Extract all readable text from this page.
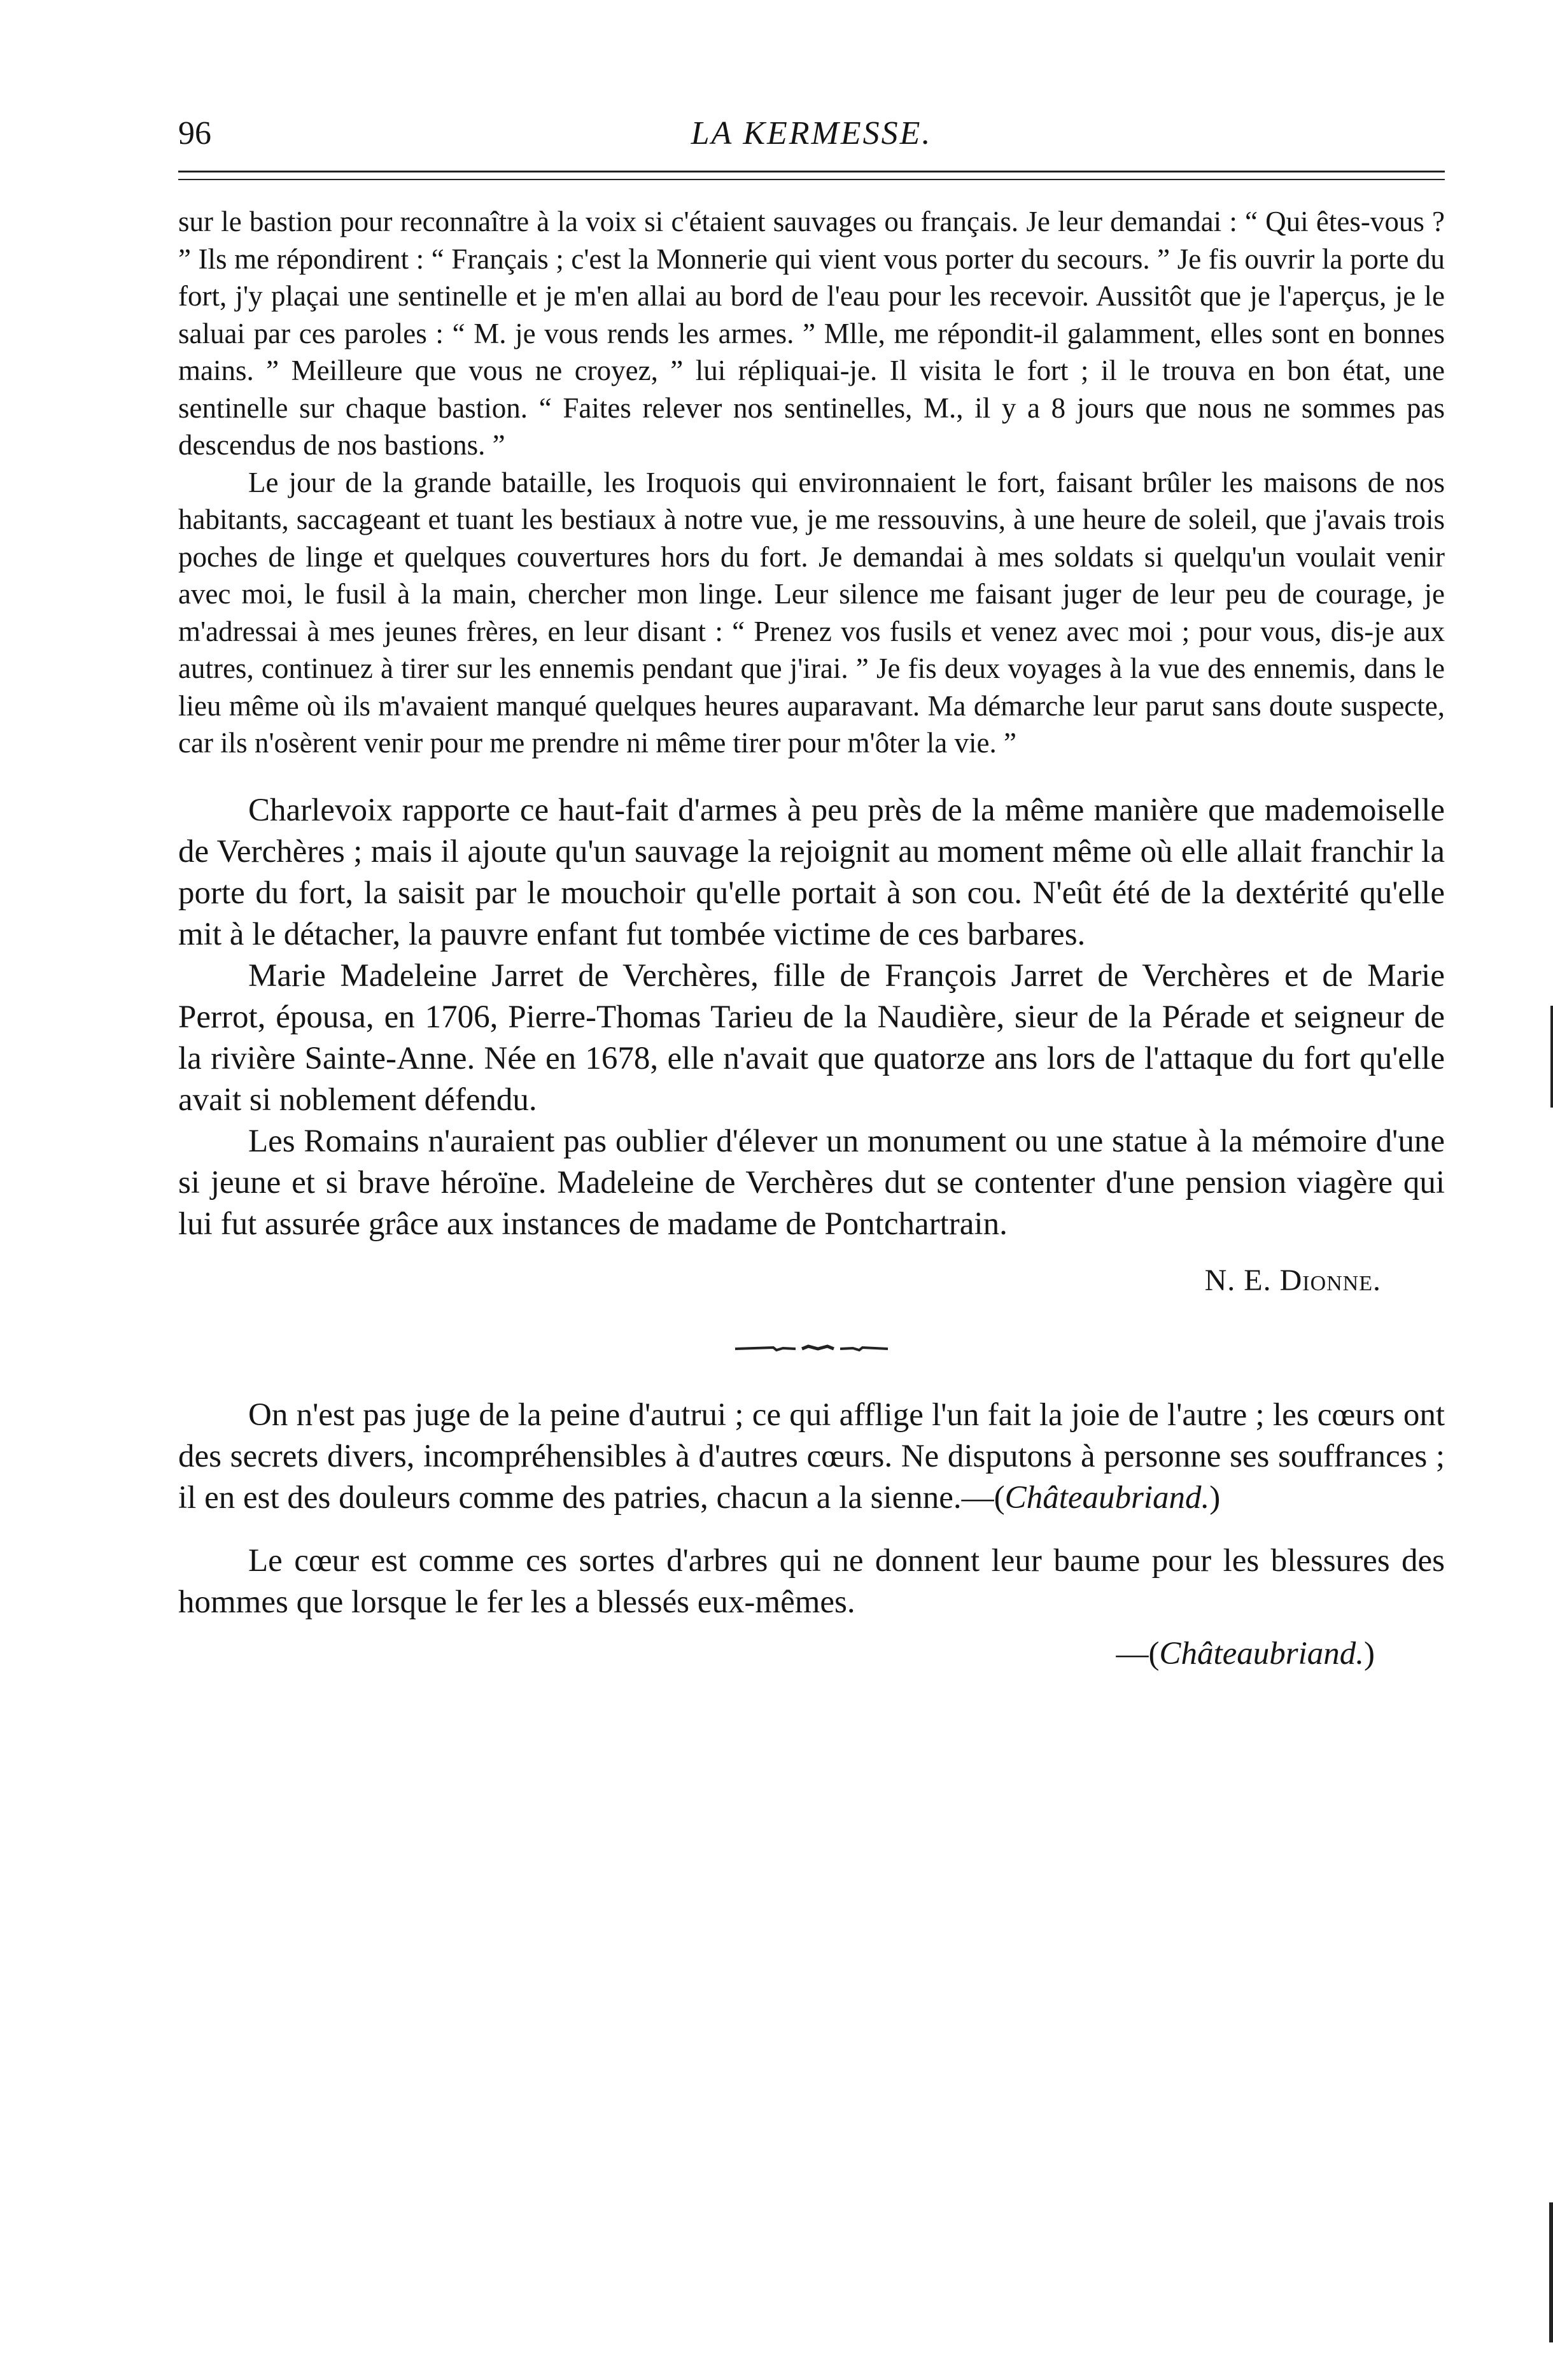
96	LA KERMESSE.

sur le bastion pour reconnaître à la voix si c'étaient sauvages ou français. Je leur demandai : “ Qui êtes-vous ? ” Ils me répondirent : “ Français ; c'est la Monnerie qui vient vous porter du secours. ” Je fis ouvrir la porte du fort, j'y plaçai une sentinelle et je m'en allai au bord de l'eau pour les recevoir. Aussitôt que je l'aperçus, je le saluai par ces paroles : “ M. je vous rends les armes. ” Mlle, me répondit-il galamment, elles sont en bonnes mains. ” Meilleure que vous ne croyez, ” lui répliquai-je. Il visita le fort ; il le trouva en bon état, une sentinelle sur chaque bastion. “ Faites relever nos sentinelles, M., il y a 8 jours que nous ne sommes pas descendus de nos bastions. ”

Le jour de la grande bataille, les Iroquois qui environnaient le fort, faisant brûler les maisons de nos habitants, saccageant et tuant les bestiaux à notre vue, je me ressouvins, à une heure de soleil, que j'avais trois poches de linge et quelques couvertures hors du fort. Je demandai à mes soldats si quelqu'un voulait venir avec moi, le fusil à la main, chercher mon linge. Leur silence me faisant juger de leur peu de courage, je m'adressai à mes jeunes frères, en leur disant : “ Prenez vos fusils et venez avec moi ; pour vous, dis-je aux autres, continuez à tirer sur les ennemis pendant que j'irai. ” Je fis deux voyages à la vue des ennemis, dans le lieu même où ils m'avaient manqué quelques heures auparavant. Ma démarche leur parut sans doute suspecte, car ils n'osèrent venir pour me prendre ni même tirer pour m'ôter la vie. ”

Charlevoix rapporte ce haut-fait d'armes à peu près de la même manière que mademoiselle de Verchères ; mais il ajoute qu'un sauvage la rejoignit au moment même où elle allait franchir la porte du fort, la saisit par le mouchoir qu'elle portait à son cou. N'eût été de la dextérité qu'elle mit à le détacher, la pauvre enfant fut tombée victime de ces barbares.

Marie Madeleine Jarret de Verchères, fille de François Jarret de Verchères et de Marie Perrot, épousa, en 1706, Pierre-Thomas Tarieu de la Naudière, sieur de la Pérade et seigneur de la rivière Sainte-Anne. Née en 1678, elle n'avait que quatorze ans lors de l'attaque du fort qu'elle avait si noblement défendu.

Les Romains n'auraient pas oublier d'élever un monument ou une statue à la mémoire d'une si jeune et si brave héroïne. Madeleine de Verchères dut se contenter d'une pension viagère qui lui fut assurée grâce aux instances de madame de Pontchartrain.

N. E. Dionne.

On n'est pas juge de la peine d'autrui ; ce qui afflige l'un fait la joie de l'autre ; les cœurs ont des secrets divers, incompréhensibles à d'autres cœurs. Ne disputons à personne ses souffrances ; il en est des douleurs comme des patries, chacun a la sienne.—(Châteaubriand.)

Le cœur est comme ces sortes d'arbres qui ne donnent leur baume pour les blessures des hommes que lorsque le fer les a blessés eux-mêmes.

—(Châteaubriand.)
